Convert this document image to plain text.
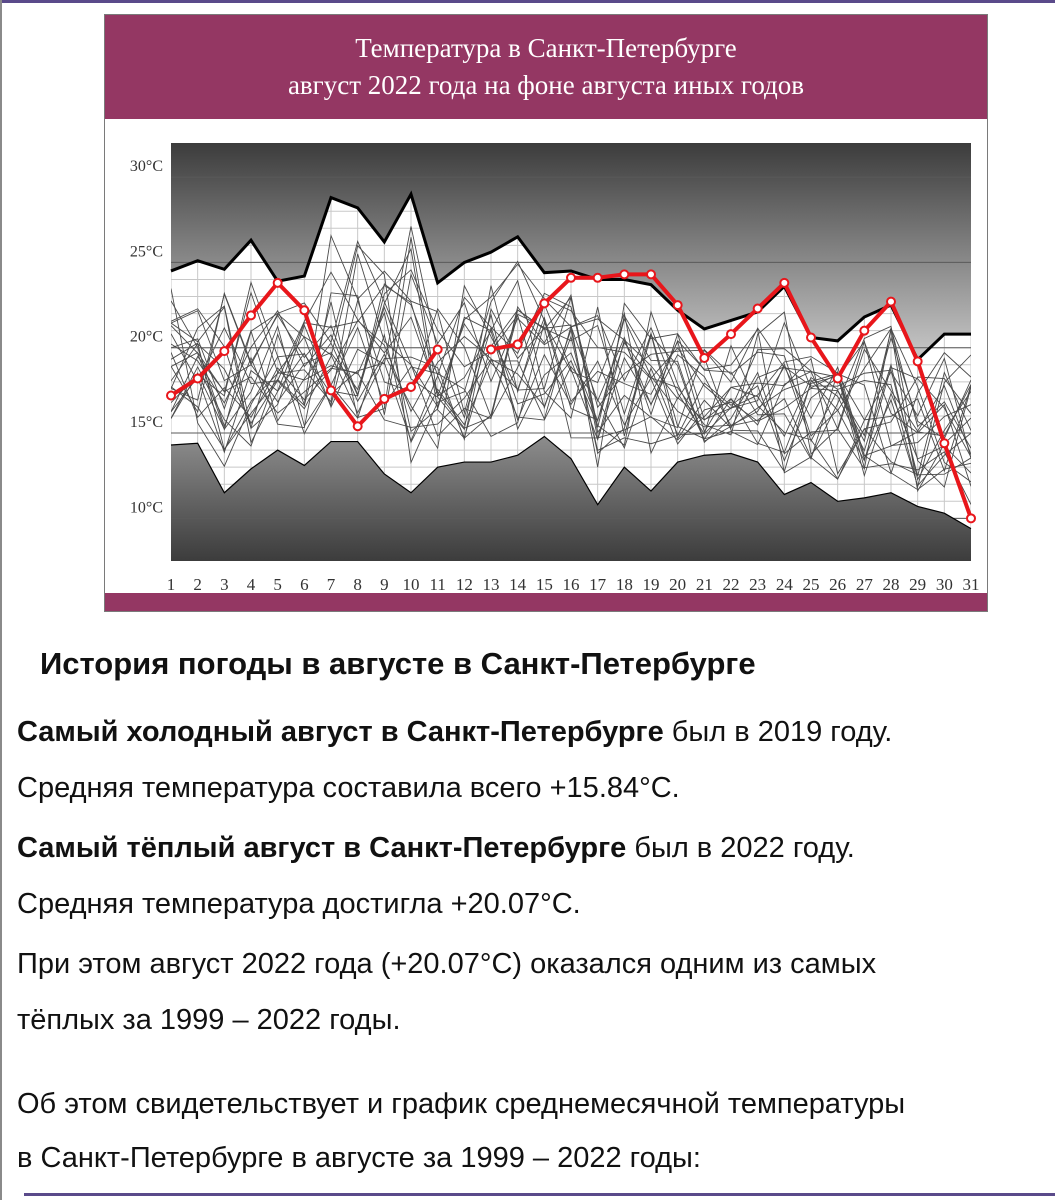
Температура в Санкт-Петербурге
август 2022 года на фоне августа иных годов
30°C
25°C
20°C
15°C
10°C
1 2 3 4 5 6 7 8 9 10 11 12 13 14 15 16 17 18 19 20 21 22 23 24 25 26 27 28 29 30 31
История погоды в августе в Санкт-Петербурге
Самый холодный август в Санкт-Петербурге был в 2019 году.
Средняя температура составила всего +15.84°C.
Самый тёплый август в Санкт-Петербурге был в 2022 году.
Средняя температура достигла +20.07°C.
При этом август 2022 года (+20.07°C) оказался одним из самых
тёплых за 1999 – 2022 годы.
Об этом свидетельствует и график среднемесячной температуры
в Санкт-Петербурге в августе за 1999 – 2022 годы:
